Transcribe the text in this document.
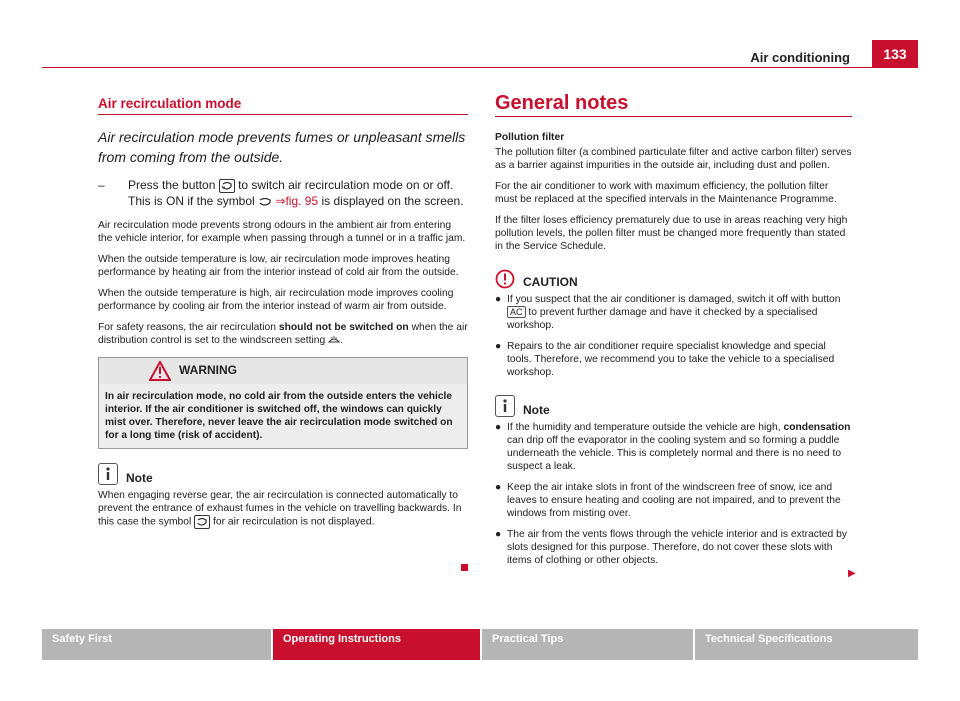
Air conditioning	133
Air recirculation mode
Air recirculation mode prevents fumes or unpleasant smells from coming from the outside.
– Press the button to switch air recirculation mode on or off. This is ON if the symbol ⇒fig. 95 is displayed on the screen.

Air recirculation mode prevents strong odours in the ambient air from entering the vehicle interior, for example when passing through a tunnel or in a traffic jam.

When the outside temperature is low, air recirculation mode improves heating performance by heating air from the interior instead of cold air from the outside.

When the outside temperature is high, air recirculation mode improves cooling performance by cooling air from the interior instead of warm air from outside.

For safety reasons, the air recirculation should not be switched on when the air distribution control is set to the windscreen setting .

WARNING
In air recirculation mode, no cold air from the outside enters the vehicle interior. If the air conditioner is switched off, the windows can quickly mist over. Therefore, never leave the air recirculation mode switched on for a long time (risk of accident).
Note

When engaging reverse gear, the air recirculation is connected automatically to prevent the entrance of exhaust fumes in the vehicle on travelling backwards. In this case the symbol for air recirculation is not displayed.

General notes

Pollution filter

The pollution filter (a combined particulate filter and active carbon filter) serves as a barrier against impurities in the outside air, including dust and pollen.

For the air conditioner to work with maximum efficiency, the pollution filter must be replaced at the specified intervals in the Maintenance Programme.

If the filter loses efficiency prematurely due to use in areas reaching very high pollution levels, the pollen filter must be changed more frequently than stated in the Service Schedule.

CAUTION
● If you suspect that the air conditioner is damaged, switch it off with button AC to prevent further damage and have it checked by a specialised workshop.
● Repairs to the air conditioner require specialist knowledge and special tools. Therefore, we recommend you to take the vehicle to a specialised workshop.
Note
● If the humidity and temperature outside the vehicle are high, condensation can drip off the evaporator in the cooling system and so forming a puddle underneath the vehicle. This is completely normal and there is no need to suspect a leak.
● Keep the air intake slots in front of the windscreen free of snow, ice and leaves to ensure heating and cooling are not impaired, and to prevent the windows from misting over.
● The air from the vents flows through the vehicle interior and is extracted by slots designed for this purpose. Therefore, do not cover these slots with items of clothing or other objects.
▶
Safety First	Operating Instructions	Practical Tips	Technical Specifications
